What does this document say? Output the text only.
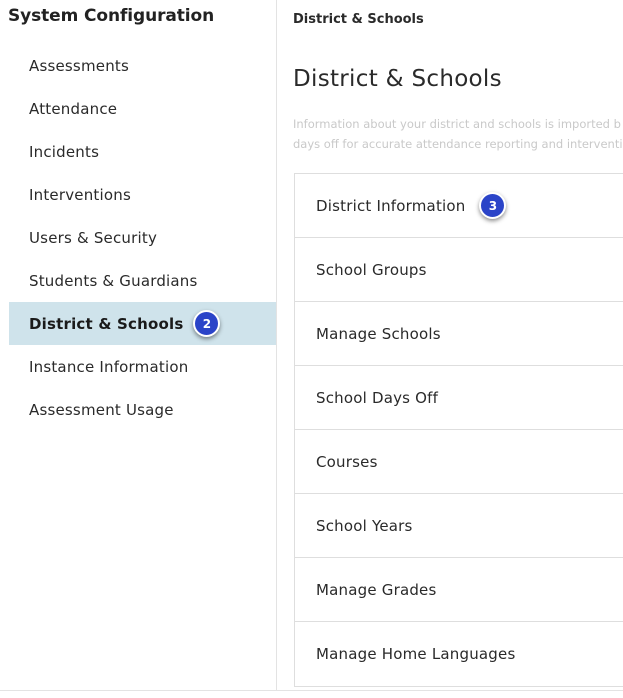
System Configuration
Assessments
Attendance
Incidents
Interventions
Users & Security
Students & Guardians
District & Schools	2
Instance Information
Assessment Usage
District & Schools
District & Schools
Information about your district and schools is imported b
days off for accurate attendance reporting and interventi
District Information	3
School Groups
Manage Schools
School Days Off
Courses
School Years
Manage Grades
Manage Home Languages
